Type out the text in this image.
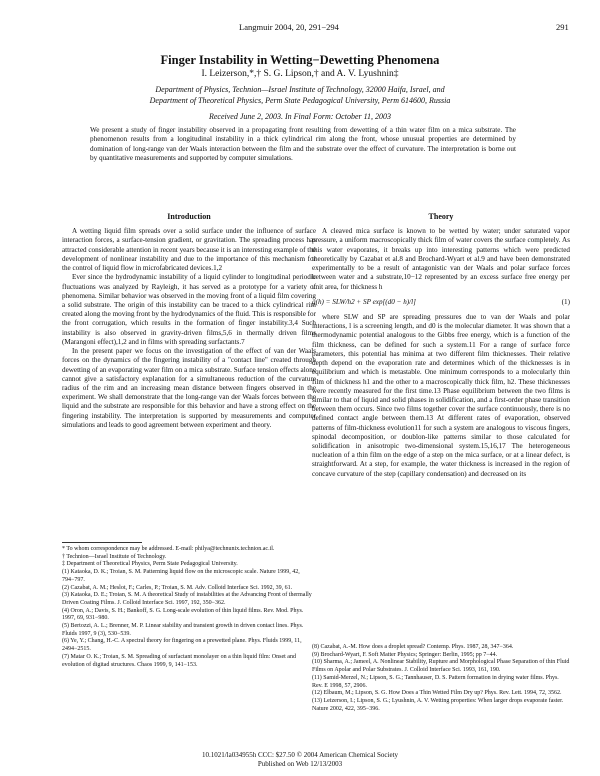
Langmuir 2004, 20, 291−294	291
Finger Instability in Wetting−Dewetting Phenomena
I. Leizerson,*,† S. G. Lipson,† and A. V. Lyushnin‡
Department of Physics, Technion—Israel Institute of Technology, 32000 Haifa, Israel, and
Department of Theoretical Physics, Perm State Pedagogical University, Perm 614600, Russia
Received June 2, 2003. In Final Form: October 11, 2003
We present a study of finger instability observed in a propagating front resulting from dewetting of a thin water film on a mica substrate. The phenomenon results from a longitudinal instability in a thick cylindrical rim along the front, whose unusual properties are determined by domination of long-range van der Waals interaction between the film and the substrate over the effect of curvature. The interpretation is borne out by quantitative measurements and supported by computer simulations.
Introduction

A wetting liquid film spreads over a solid surface under the influence of surface interaction forces, a surface-tension gradient, or gravitation. The spreading process has attracted considerable attention in recent years because it is an interesting example of the development of nonlinear instability and due to the importance of this mechanism for the control of liquid flow in microfabricated devices.1,2

Ever since the hydrodynamic instability of a liquid cylinder to longitudinal periodic fluctuations was analyzed by Rayleigh, it has served as a prototype for a variety of phenomena. Similar behavior was observed in the moving front of a liquid film covering a solid substrate. The origin of this instability can be traced to a thick cylindrical rim created along the moving front by the hydrodynamics of the fluid. This is responsible for the front corrugation, which results in the formation of finger instability.3,4 Such instability is also observed in gravity-driven films,5,6 in thermally driven films (Marangoni effect),1,2 and in films with spreading surfactants.7

In the present paper we focus on the investigation of the effect of van der Waals forces on the dynamics of the fingering instability of a "contact line" created through dewetting of an evaporating water film on a mica substrate. Surface tension effects alone cannot give a satisfactory explanation for a simultaneous reduction of the curvature radius of the rim and an increasing mean distance between fingers observed in the experiment. We shall demonstrate that the long-range van der Waals forces between the liquid and the substrate are responsible for this behavior and have a strong effect on the fingering instability. The interpretation is supported by measurements and computer simulations and leads to good agreement between experiment and theory.

Theory

A cleaved mica surface is known to be wetted by water; under saturated vapor pressure, a uniform macroscopically thick film of water covers the surface completely. As this water evaporates, it breaks up into interesting patterns which were predicted theoretically by Cazabat et al.8 and Brochard-Wyart et al.9 and have been demonstrated experimentally to be a result of antagonistic van der Waals and polar surface forces between water and a substrate,10−12 represented by an excess surface free energy per unit area, for thickness h

g(h) = SLW/h2 + SP exp[(d0 − h)/l]	(1)

where SLW and SP are spreading pressures due to van der Waals and polar interactions, l is a screening length, and d0 is the molecular diameter. It was shown that a thermodynamic potential analogous to the Gibbs free energy, which is a function of the film thickness, can be defined for such a system.11 For a range of surface force parameters, this potential has minima at two different film thicknesses. Their relative depth depend on the evaporation rate and determines which of the thicknesses is in equilibrium and which is metastable. One minimum corresponds to a molecularly thin film of thickness h1 and the other to a macroscopically thick film, h2. These thicknesses were recently measured for the first time.13 Phase equilibrium between the two films is similar to that of liquid and solid phases in solidification, and a first-order phase transition between them occurs. Since two films together cover the surface continuously, there is no defined contact angle between them.13 At different rates of evaporation, observed patterns of film-thickness evolution11 for such a system are analogous to viscous fingers, spinodal decomposition, or doublon-like patterns similar to those calculated for solidification in anisotropic two-dimensional system.15,16,17 The heterogeneous nucleation of a thin film on the edge of a step on the mica surface, or at a linear defect, is straightforward. At a step, for example, the water thickness is increased in the region of concave curvature of the step (capillary condensation) and decreased on its

* To whom correspondence may be addressed. E-mail: philya@technunix.technion.ac.il.
† Technion—Israel Institute of Technology.
‡ Department of Theoretical Physics, Perm State Pedagogical University.
(1) Kataoka, D. K.; Troian, S. M. Patterning liquid flow on the microscopic scale. Nature 1999, 42, 794−797.
(2) Cazabat, A. M.; Heslot, F.; Carles, P.; Troian, S. M. Adv. Colloid Interface Sci. 1992, 39, 61.
(3) Kataoka, D. E.; Troian, S. M. A theoretical Study of instabilities at the Advancing Front of thermally Driven Coating Films. J. Colloid Interface Sci. 1997, 192, 350−362.
(4) Oron, A.; Davis, S. H.; Bankoff, S. G. Long-scale evolution of thin liquid films. Rev. Mod. Phys. 1997, 69, 931−980.
(5) Bertozzi, A. L.; Brenner, M. P. Linear stability and transient growth in driven contact lines. Phys. Fluids 1997, 9 (3), 530−539.
(6) Ye, Y.; Chang, H.-C. A spectral theory for fingering on a prewetted plane. Phys. Fluids 1999, 11, 2494−2515.
(7) Matar O. K.; Troian, S. M. Spreading of surfactant monolayer on a thin liquid film: Onset and evolution of digitad structures. Chaos 1999, 9, 141−153.
(8) Cazabat, A.-M. How does a droplet spread? Contemp. Phys. 1987, 28, 347−364.
(9) Brochard-Wyart, F. Soft Matter Physics; Springer: Berlin, 1995; pp 7−44.
(10) Sharma, A.; Jameel, A. Nonlinear Stability, Rupture and Morphological Phase Separation of thin Fluid Films on Apolar and Polar Substrates. J. Colloid Interface Sci. 1993, 161, 190.
(11) Samid-Merzel, N.; Lipson, S. G.; Tannhauser, D. S. Pattern formation in drying water films. Phys. Rev. E 1998, 57, 2906.
(12) Elbaum, M.; Lipson, S. G. How Does a Thin Wetted Film Dry up? Phys. Rev. Lett. 1994, 72, 3562.
(13) Leizerson, I.; Lipson, S. G.; Lyushnin, A. V. Wetting properties: When larger drops evaporate faster. Nature 2002, 422, 395−396.
10.1021/la034955h CCC: $27.50 © 2004 American Chemical Society
Published on Web 12/13/2003
